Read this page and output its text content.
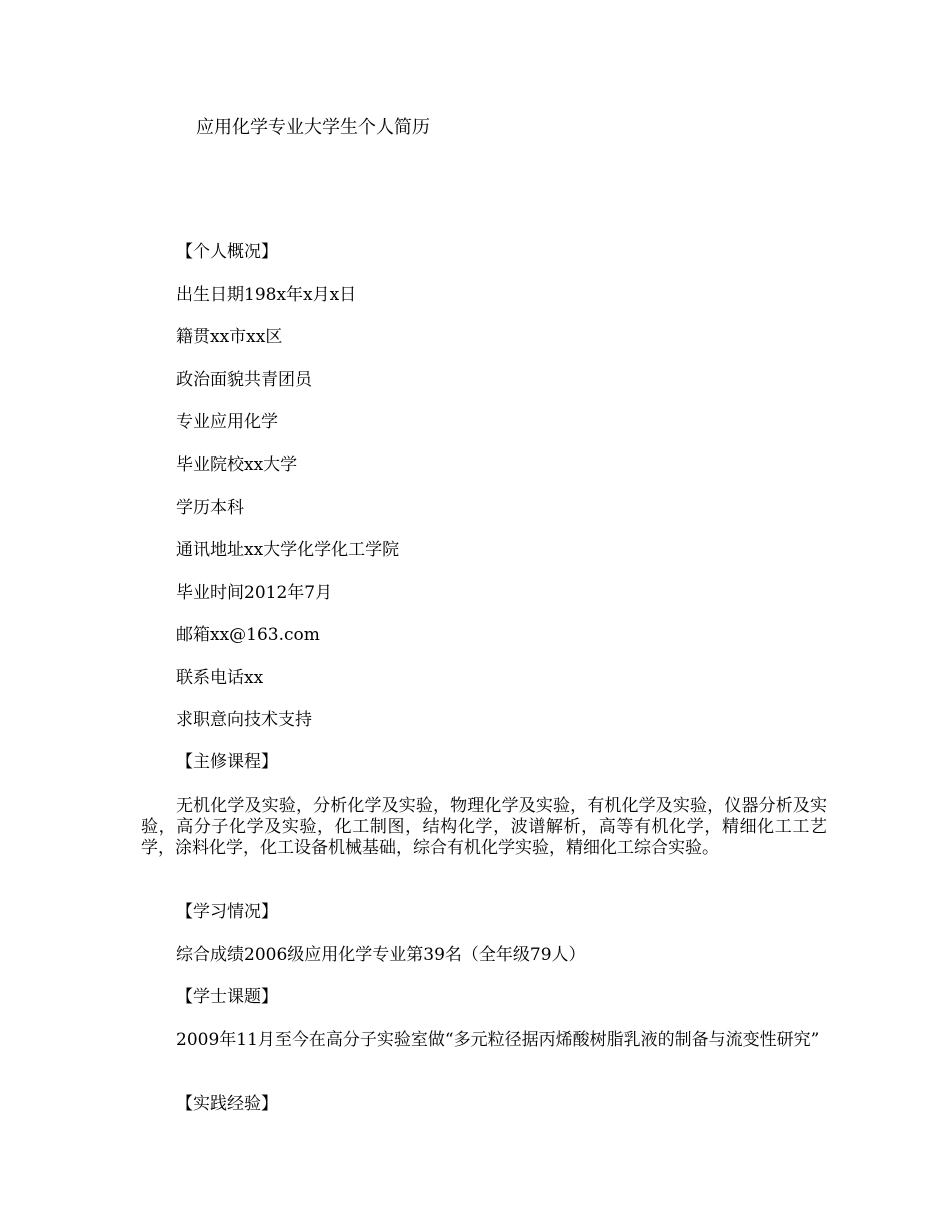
应用化学专业大学生个人简历
【个人概况】
出生日期198x年x月x日
籍贯xx市xx区
政治面貌共青团员
专业应用化学
毕业院校xx大学
学历本科
通讯地址xx大学化学化工学院
毕业时间2012年7月
邮箱xx@163.com
联系电话xx
求职意向技术支持
【主修课程】
无机化学及实验，分析化学及实验，物理化学及实验，有机化学及实验，仪器分析及实验，高分子化学及实验，化工制图，结构化学，波谱解析，高等有机化学，精细化工工艺学，涂料化学，化工设备机械基础，综合有机化学实验，精细化工综合实验。
【学习情况】
综合成绩2006级应用化学专业第39名（全年级79人）
【学士课题】
2009年11月至今在高分子实验室做“多元粒径据丙烯酸树脂乳液的制备与流变性研究”
【实践经验】
